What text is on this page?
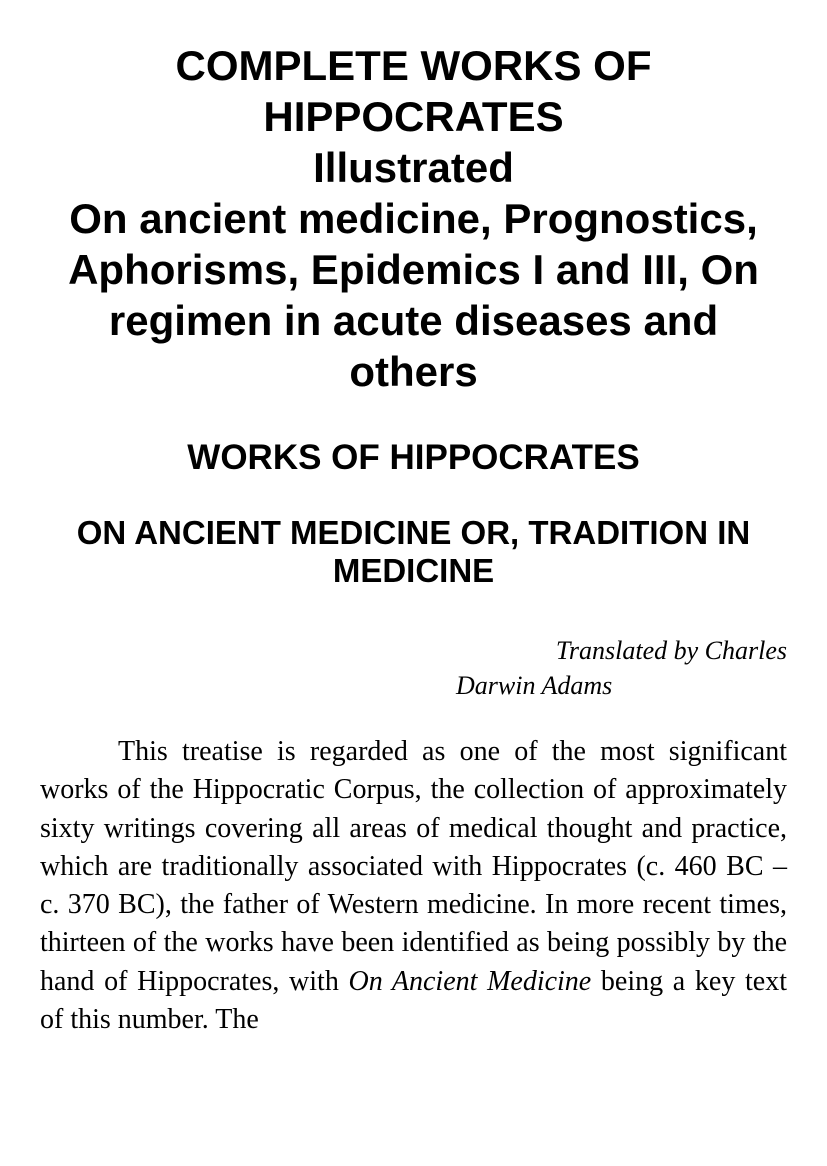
COMPLETE WORKS OF
HIPPOCRATES
Illustrated
On ancient medicine, Prognostics,
Aphorisms, Epidemics I and III, On
regimen in acute diseases and
others
WORKS OF HIPPOCRATES
ON ANCIENT MEDICINE OR, TRADITION IN MEDICINE
Translated by Charles
Darwin Adams

This treatise is regarded as one of the most significant works of the Hippocratic Corpus, the collection of approximately sixty writings covering all areas of medical thought and practice, which are traditionally associated with Hippocrates (c. 460 BC – c. 370 BC), the father of Western medicine. In more recent times, thirteen of the works have been identified as being possibly by the hand of Hippocrates, with On Ancient Medicine being a key text of this number. The
